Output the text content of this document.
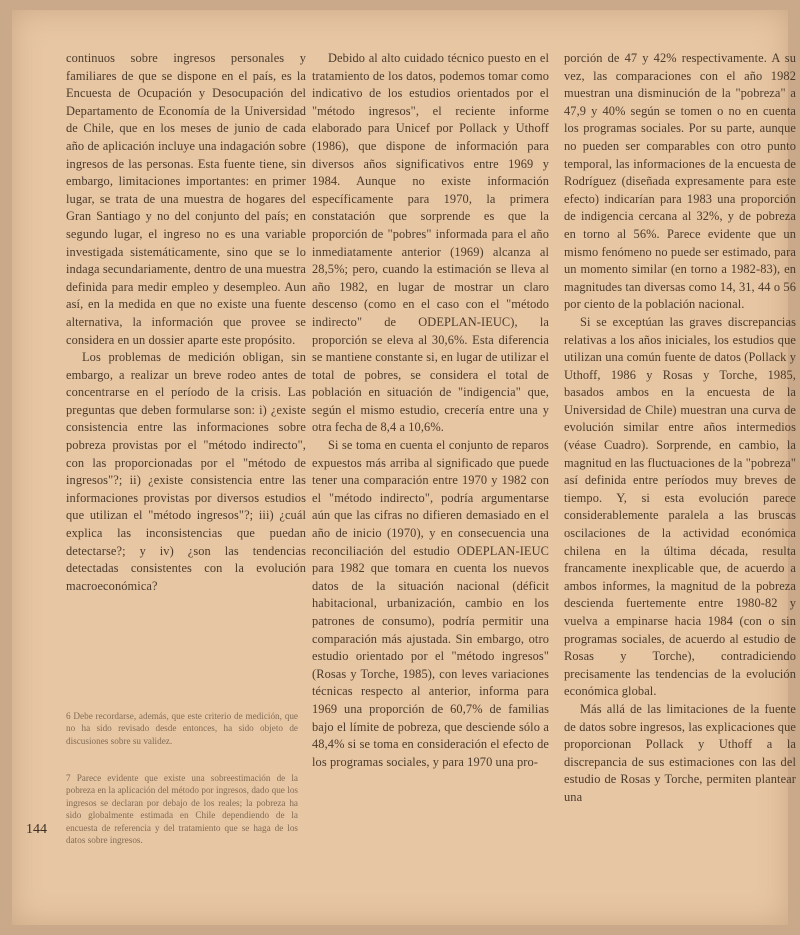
continuos sobre ingresos personales y familiares de que se dispone en el país, es la Encuesta de Ocupación y Desocupación del Departamento de Economía de la Universidad de Chile, que en los meses de junio de cada año de aplicación incluye una indagación sobre ingresos de las personas. Esta fuente tiene, sin embargo, limitaciones importantes: en primer lugar, se trata de una muestra de hogares del Gran Santiago y no del conjunto del país; en segundo lugar, el ingreso no es una variable investigada sistemáticamente, sino que se lo indaga secundariamente, dentro de una muestra definida para medir empleo y desempleo. Aun así, en la medida en que no existe una fuente alternativa, la información que provee se considera en un dossier aparte este propósito.

Los problemas de medición obligan, sin embargo, a realizar un breve rodeo antes de concentrarse en el período de la crisis. Las preguntas que deben formularse son: i) ¿existe consistencia entre las informaciones sobre pobreza provistas por el "método indirecto", con las proporcionadas por el "método de ingresos"?; ii) ¿existe consistencia entre las informaciones provistas por diversos estudios que utilizan el "método ingresos"?; iii) ¿cuál explica las inconsistencias que puedan detectarse?; y iv) ¿son las tendencias detectadas consistentes con la evolución macroeconómica?

6 Debe recordarse, además, que este criterio de medición, que no ha sido revisado desde entonces, ha sido objeto de discusiones sobre su validez.

7 Parece evidente que existe una sobreestimación de la pobreza en la aplicación del método por ingresos, dado que los ingresos se declaran por debajo de los reales; la pobreza ha sido globalmente estimada en Chile dependiendo de la encuesta de referencia y del tratamiento que se haga de los datos sobre ingresos.

Debido al alto cuidado técnico puesto en el tratamiento de los datos, podemos tomar como indicativo de los estudios orientados por el "método ingresos", el reciente informe elaborado para Unicef por Pollack y Uthoff (1986), que dispone de información para diversos años significativos entre 1969 y 1984. Aunque no existe información específicamente para 1970, la primera constatación que sorprende es que la proporción de "pobres" informada para el año inmediatamente anterior (1969) alcanza al 28,5%; pero, cuando la estimación se lleva al año 1982, en lugar de mostrar un claro descenso (como en el caso con el "método indirecto" de ODEPLAN-IEUC), la proporción se eleva al 30,6%. Esta diferencia se mantiene constante si, en lugar de utilizar el total de pobres, se considera el total de población en situación de "indigencia" que, según el mismo estudio, crecería entre una y otra fecha de 8,4 a 10,6%.

Si se toma en cuenta el conjunto de reparos expuestos más arriba al significado que puede tener una comparación entre 1970 y 1982 con el "método indirecto", podría argumentarse aún que las cifras no difieren demasiado en el año de inicio (1970), y en consecuencia una reconciliación del estudio ODEPLAN-IEUC para 1982 que tomara en cuenta los nuevos datos de la situación nacional (déficit habitacional, urbanización, cambio en los patrones de consumo), podría permitir una comparación más ajustada. Sin embargo, otro estudio orientado por el "método ingresos" (Rosas y Torche, 1985), con leves variaciones técnicas respecto al anterior, informa para 1969 una proporción de 60,7% de familias bajo el límite de pobreza, que desciende sólo a 48,4% si se toma en consideración el efecto de los programas sociales, y para 1970 una pro-

porción de 47 y 42% respectivamente. A su vez, las comparaciones con el año 1982 muestran una disminución de la "pobreza" a 47,9 y 40% según se tomen o no en cuenta los programas sociales. Por su parte, aunque no pueden ser comparables con otro punto temporal, las informaciones de la encuesta de Rodríguez (diseñada expresamente para este efecto) indicarían para 1983 una proporción de indigencia cercana al 32%, y de pobreza en torno al 56%. Parece evidente que un mismo fenómeno no puede ser estimado, para un momento similar (en torno a 1982-83), en magnitudes tan diversas como 14, 31, 44 o 56 por ciento de la población nacional.

Si se exceptúan las graves discrepancias relativas a los años iniciales, los estudios que utilizan una común fuente de datos (Pollack y Uthoff, 1986 y Rosas y Torche, 1985, basados ambos en la encuesta de la Universidad de Chile) muestran una curva de evolución similar entre años intermedios (véase Cuadro). Sorprende, en cambio, la magnitud en las fluctuaciones de la "pobreza" así definida entre períodos muy breves de tiempo. Y, si esta evolución parece considerablemente paralela a las bruscas oscilaciones de la actividad económica chilena en la última década, resulta francamente inexplicable que, de acuerdo a ambos informes, la magnitud de la pobreza descienda fuertemente entre 1980-82 y vuelva a empinarse hacia 1984 (con o sin programas sociales, de acuerdo al estudio de Rosas y Torche), contradiciendo precisamente las tendencias de la evolución económica global.

Más allá de las limitaciones de la fuente de datos sobre ingresos, las explicaciones que proporcionan Pollack y Uthoff a la discrepancia de sus estimaciones con las del estudio de Rosas y Torche, permiten plantear una

144
